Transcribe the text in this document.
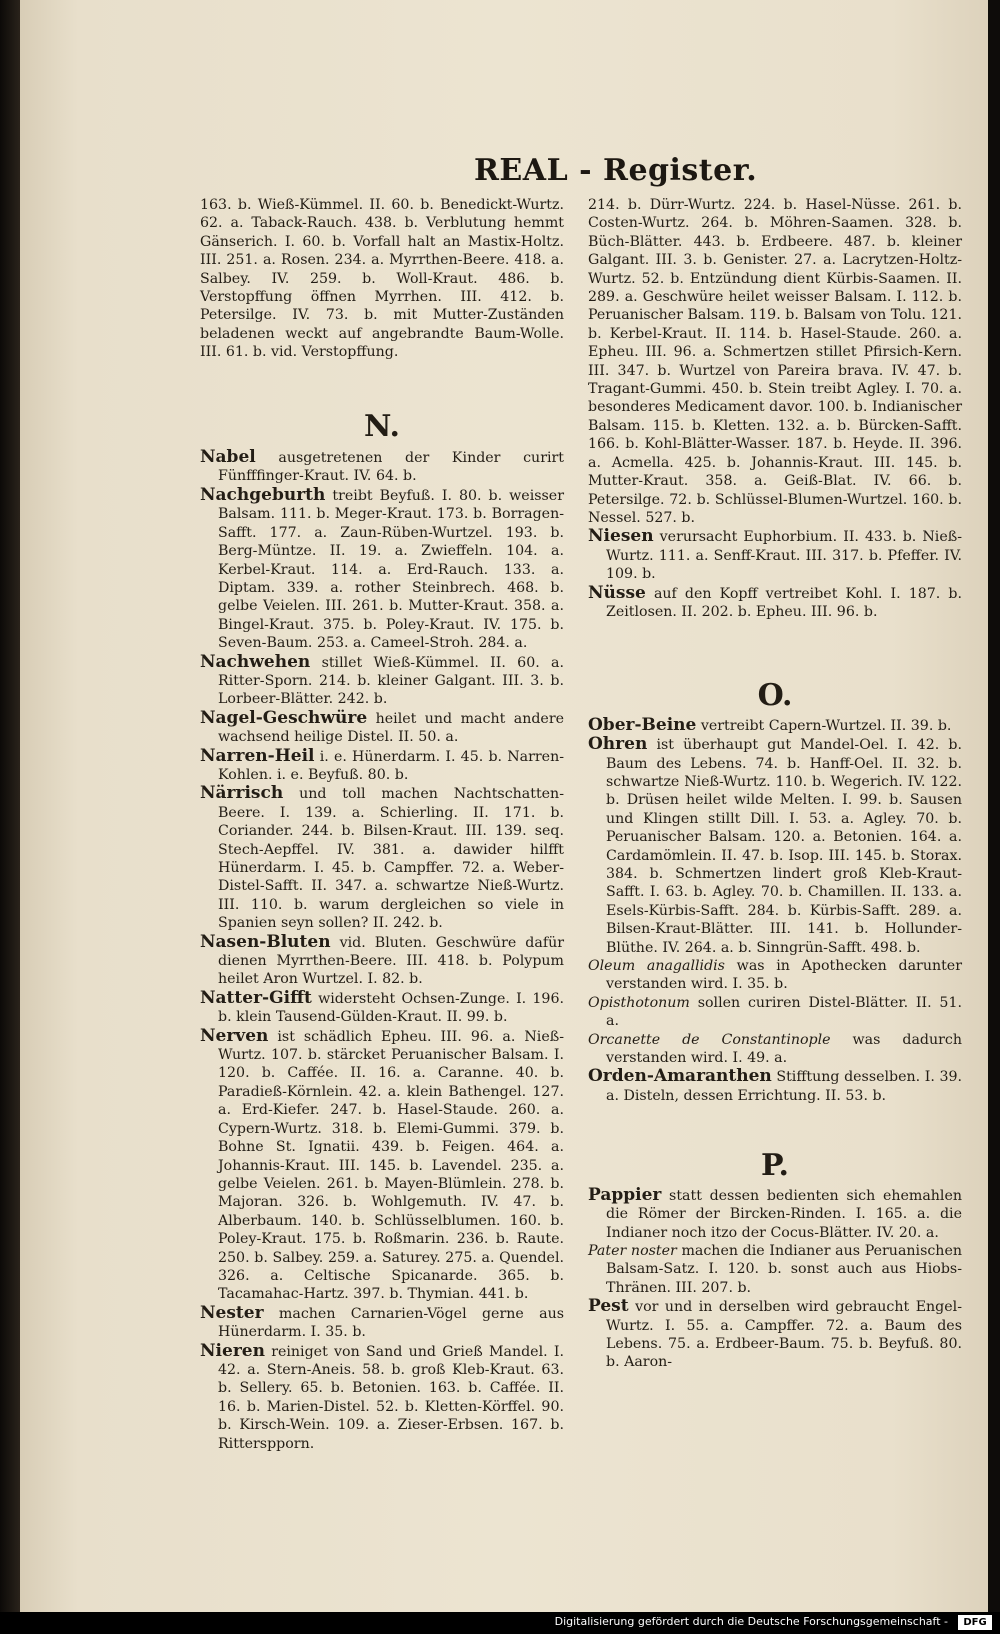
REAL - Register.

163. b. Wieß-Kümmel. II. 60. b. Benedickt-Wurtz. 62. a. Taback-Rauch. 438. b. Verblutung hemmt Gänserich. I. 60. b. Vorfall halt an Mastix-Holtz. III. 251. a. Rosen. 234. a. Myrrthen-Beere. 418. a. Salbey. IV. 259. b. Woll-Kraut. 486. b. Verstopffung öffnen Myrrhen. III. 412. b. Petersilge. IV. 73. b. mit Mutter-Zuständen beladenen weckt auf angebrandte Baum-Wolle. III. 61. b. vid. Verstopffung.

N.

Nabel ausgetretenen der Kinder curirt Fünfffinger-Kraut. IV. 64. b.

Nachgeburth treibt Beyfuß. I. 80. b. weisser Balsam. 111. b. Meger-Kraut. 173. b. Borragen-Safft. 177. a. Zaun-Rüben-Wurtzel. 193. b. Berg-Müntze. II. 19. a. Zwieffeln. 104. a. Kerbel-Kraut. 114. a. Erd-Rauch. 133. a. Diptam. 339. a. rother Steinbrech. 468. b. gelbe Veielen. III. 261. b. Mutter-Kraut. 358. a. Bingel-Kraut. 375. b. Poley-Kraut. IV. 175. b. Seven-Baum. 253. a. Cameel-Stroh. 284. a.

Nachwehen stillet Wieß-Kümmel. II. 60. a. Ritter-Sporn. 214. b. kleiner Galgant. III. 3. b. Lorbeer-Blätter. 242. b.

Nagel-Geschwüre heilet und macht andere wachsend heilige Distel. II. 50. a.

Narren-Heil i. e. Hünerdarm. I. 45. b. Narren-Kohlen. i. e. Beyfuß. 80. b.

Närrisch und toll machen Nachtschatten-Beere. I. 139. a. Schierling. II. 171. b. Coriander. 244. b. Bilsen-Kraut. III. 139. seq. Stech-Aepffel. IV. 381. a. dawider hilfft Hünerdarm. I. 45. b. Campffer. 72. a. Weber-Distel-Safft. II. 347. a. schwartze Nieß-Wurtz. III. 110. b. warum dergleichen so viele in Spanien seyn sollen? II. 242. b.

Nasen-Bluten vid. Bluten. Geschwüre dafür dienen Myrrthen-Beere. III. 418. b. Polypum heilet Aron Wurtzel. I. 82. b.

Natter-Gifft widersteht Ochsen-Zunge. I. 196. b. klein Tausend-Gülden-Kraut. II. 99. b.

Nerven ist schädlich Epheu. III. 96. a. Nieß-Wurtz. 107. b. stärcket Peruanischer Balsam. I. 120. b. Caffée. II. 16. a. Caranne. 40. b. Paradieß-Körnlein. 42. a. klein Bathengel. 127. a. Erd-Kiefer. 247. b. Hasel-Staude. 260. a. Cypern-Wurtz. 318. b. Elemi-Gummi. 379. b. Bohne St. Ignatii. 439. b. Feigen. 464. a. Johannis-Kraut. III. 145. b. Lavendel. 235. a. gelbe Veielen. 261. b. Mayen-Blümlein. 278. b. Majoran. 326. b. Wohlgemuth. IV. 47. b. Alberbaum. 140. b. Schlüsselblumen. 160. b. Poley-Kraut. 175. b. Roßmarin. 236. b. Raute. 250. b. Salbey. 259. a. Saturey. 275. a. Quendel. 326. a. Celtische Spicanarde. 365. b. Tacamahac-Hartz. 397. b. Thymian. 441. b.

Nester machen Carnarien-Vögel gerne aus Hünerdarm. I. 35. b.

Nieren reiniget von Sand und Grieß Mandel. I. 42. a. Stern-Aneis. 58. b. groß Kleb-Kraut. 63. b. Sellery. 65. b. Betonien. 163. b. Caffée. II. 16. b. Marien-Distel. 52. b. Kletten-Körffel. 90. b. Kirsch-Wein. 109. a. Zieser-Erbsen. 167. b. Ritterspporn.

214. b. Dürr-Wurtz. 224. b. Hasel-Nüsse. 261. b. Costen-Wurtz. 264. b. Möhren-Saamen. 328. b. Büch-Blätter. 443. b. Erdbeere. 487. b. kleiner Galgant. III. 3. b. Genister. 27. a. Lacrytzen-Holtz-Wurtz. 52. b. Entzündung dient Kürbis-Saamen. II. 289. a. Geschwüre heilet weisser Balsam. I. 112. b. Peruanischer Balsam. 119. b. Balsam von Tolu. 121. b. Kerbel-Kraut. II. 114. b. Hasel-Staude. 260. a. Epheu. III. 96. a. Schmertzen stillet Pfirsich-Kern. III. 347. b. Wurtzel von Pareira brava. IV. 47. b. Tragant-Gummi. 450. b. Stein treibt Agley. I. 70. a. besonderes Medicament davor. 100. b. Indianischer Balsam. 115. b. Kletten. 132. a. b. Bürcken-Safft. 166. b. Kohl-Blätter-Wasser. 187. b. Heyde. II. 396. a. Acmella. 425. b. Johannis-Kraut. III. 145. b. Mutter-Kraut. 358. a. Geiß-Blat. IV. 66. b. Petersilge. 72. b. Schlüssel-Blumen-Wurtzel. 160. b. Nessel. 527. b.

Niesen verursacht Euphorbium. II. 433. b. Nieß-Wurtz. 111. a. Senff-Kraut. III. 317. b. Pfeffer. IV. 109. b.

Nüsse auf den Kopff vertreibet Kohl. I. 187. b. Zeitlosen. II. 202. b. Epheu. III. 96. b.

O.

Ober-Beine vertreibt Capern-Wurtzel. II. 39. b.

Ohren ist überhaupt gut Mandel-Oel. I. 42. b. Baum des Lebens. 74. b. Hanff-Oel. II. 32. b. schwartze Nieß-Wurtz. 110. b. Wegerich. IV. 122. b. Drüsen heilet wilde Melten. I. 99. b. Sausen und Klingen stillt Dill. I. 53. a. Agley. 70. b. Peruanischer Balsam. 120. a. Betonien. 164. a. Cardamömlein. II. 47. b. Isop. III. 145. b. Storax. 384. b. Schmertzen lindert groß Kleb-Kraut-Safft. I. 63. b. Agley. 70. b. Chamillen. II. 133. a. Esels-Kürbis-Safft. 284. b. Kürbis-Safft. 289. a. Bilsen-Kraut-Blätter. III. 141. b. Hollunder-Blüthe. IV. 264. a. b. Sinngrün-Safft. 498. b.

Oleum anagallidis was in Apothecken darunter verstanden wird. I. 35. b.

Opisthotonum sollen curiren Distel-Blätter. II. 51. a.

Orcanette de Constantinople was dadurch verstanden wird. I. 49. a.

Orden-Amaranthen Stifftung desselben. I. 39. a. Disteln, dessen Errichtung. II. 53. b.

P.

Pappier statt dessen bedienten sich ehemahlen die Römer der Bircken-Rinden. I. 165. a. die Indianer noch itzo der Cocus-Blätter. IV. 20. a.

Pater noster machen die Indianer aus Peruanischen Balsam-Satz. I. 120. b. sonst auch aus Hiobs-Thränen. III. 207. b.

Pest vor und in derselben wird gebraucht Engel-Wurtz. I. 55. a. Campffer. 72. a. Baum des Lebens. 75. a. Erdbeer-Baum. 75. b. Beyfuß. 80. b. Aaron-

Digitalisierung gefördert durch die Deutsche Forschungsgemeinschaft -	DFG
